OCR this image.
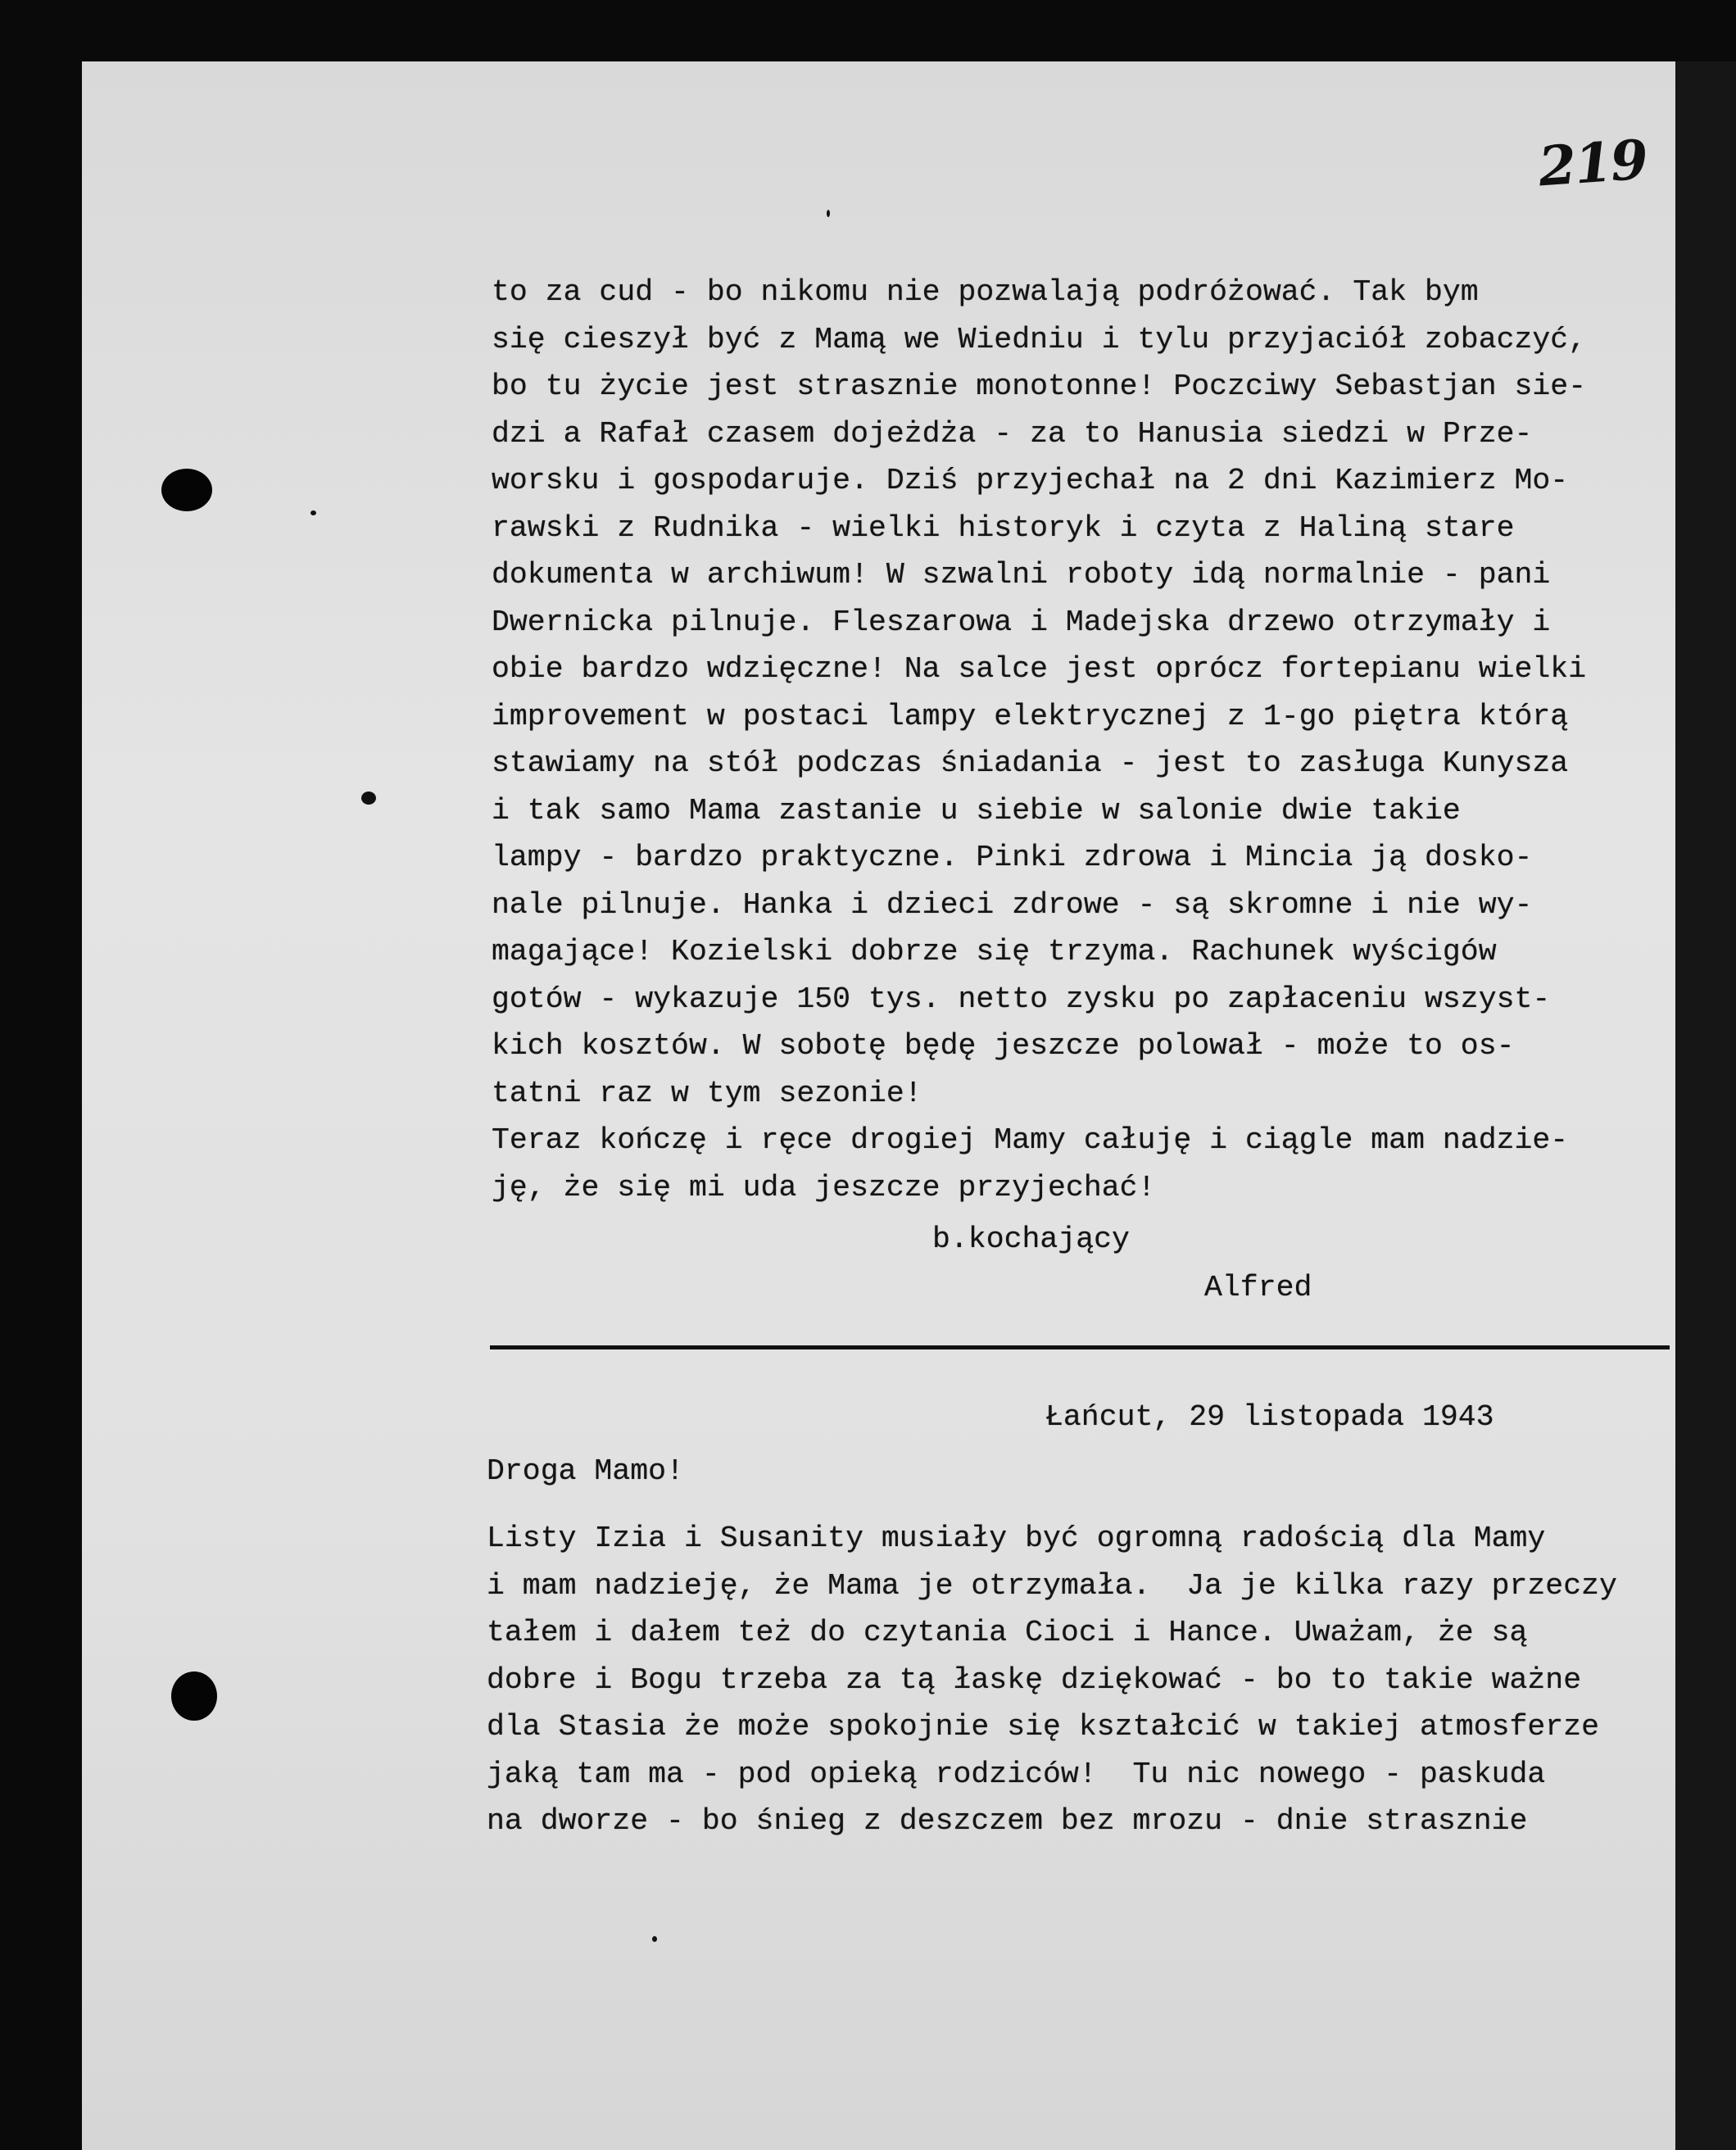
219
to za cud - bo nikomu nie pozwalają podróżować. Tak bym
się cieszył być z Mamą we Wiedniu i tylu przyjaciół zobaczyć,
bo tu życie jest strasznie monotonne! Poczciwy Sebastjan sie-
dzi a Rafał czasem dojeżdża - za to Hanusia siedzi w Prze-
worsku i gospodaruje. Dziś przyjechał na 2 dni Kazimierz Mo-
rawski z Rudnika - wielki historyk i czyta z Haliną stare
dokumenta w archiwum! W szwalni roboty idą normalnie - pani
Dwernicka pilnuje. Fleszarowa i Madejska drzewo otrzymały i
obie bardzo wdzięczne! Na salce jest oprócz fortepianu wielki
improvement w postaci lampy elektrycznej z 1-go piętra którą
stawiamy na stół podczas śniadania - jest to zasługa Kunysza
i tak samo Mama zastanie u siebie w salonie dwie takie
lampy - bardzo praktyczne. Pinki zdrowa i Mincia ją dosko-
nale pilnuje. Hanka i dzieci zdrowe - są skromne i nie wy-
magające! Kozielski dobrze się trzyma. Rachunek wyścigów
gotów - wykazuje 150 tys. netto zysku po zapłaceniu wszyst-
kich kosztów. W sobotę będę jeszcze polował - może to os-
tatni raz w tym sezonie!
Teraz kończę i ręce drogiej Mamy całuję i ciągle mam nadzie-
ję, że się mi uda jeszcze przyjechać!
b.kochający
Alfred
Łańcut, 29 listopada 1943
Droga Mamo!
Listy Izia i Susanity musiały być ogromną radością dla Mamy
i mam nadzieję, że Mama je otrzymała.  Ja je kilka razy przeczy
tałem i dałem też do czytania Cioci i Hance. Uważam, że są
dobre i Bogu trzeba za tą łaskę dziękować - bo to takie ważne
dla Stasia że może spokojnie się kształcić w takiej atmosferze
jaką tam ma - pod opieką rodziców!  Tu nic nowego - paskuda
na dworze - bo śnieg z deszczem bez mrozu - dnie strasznie
